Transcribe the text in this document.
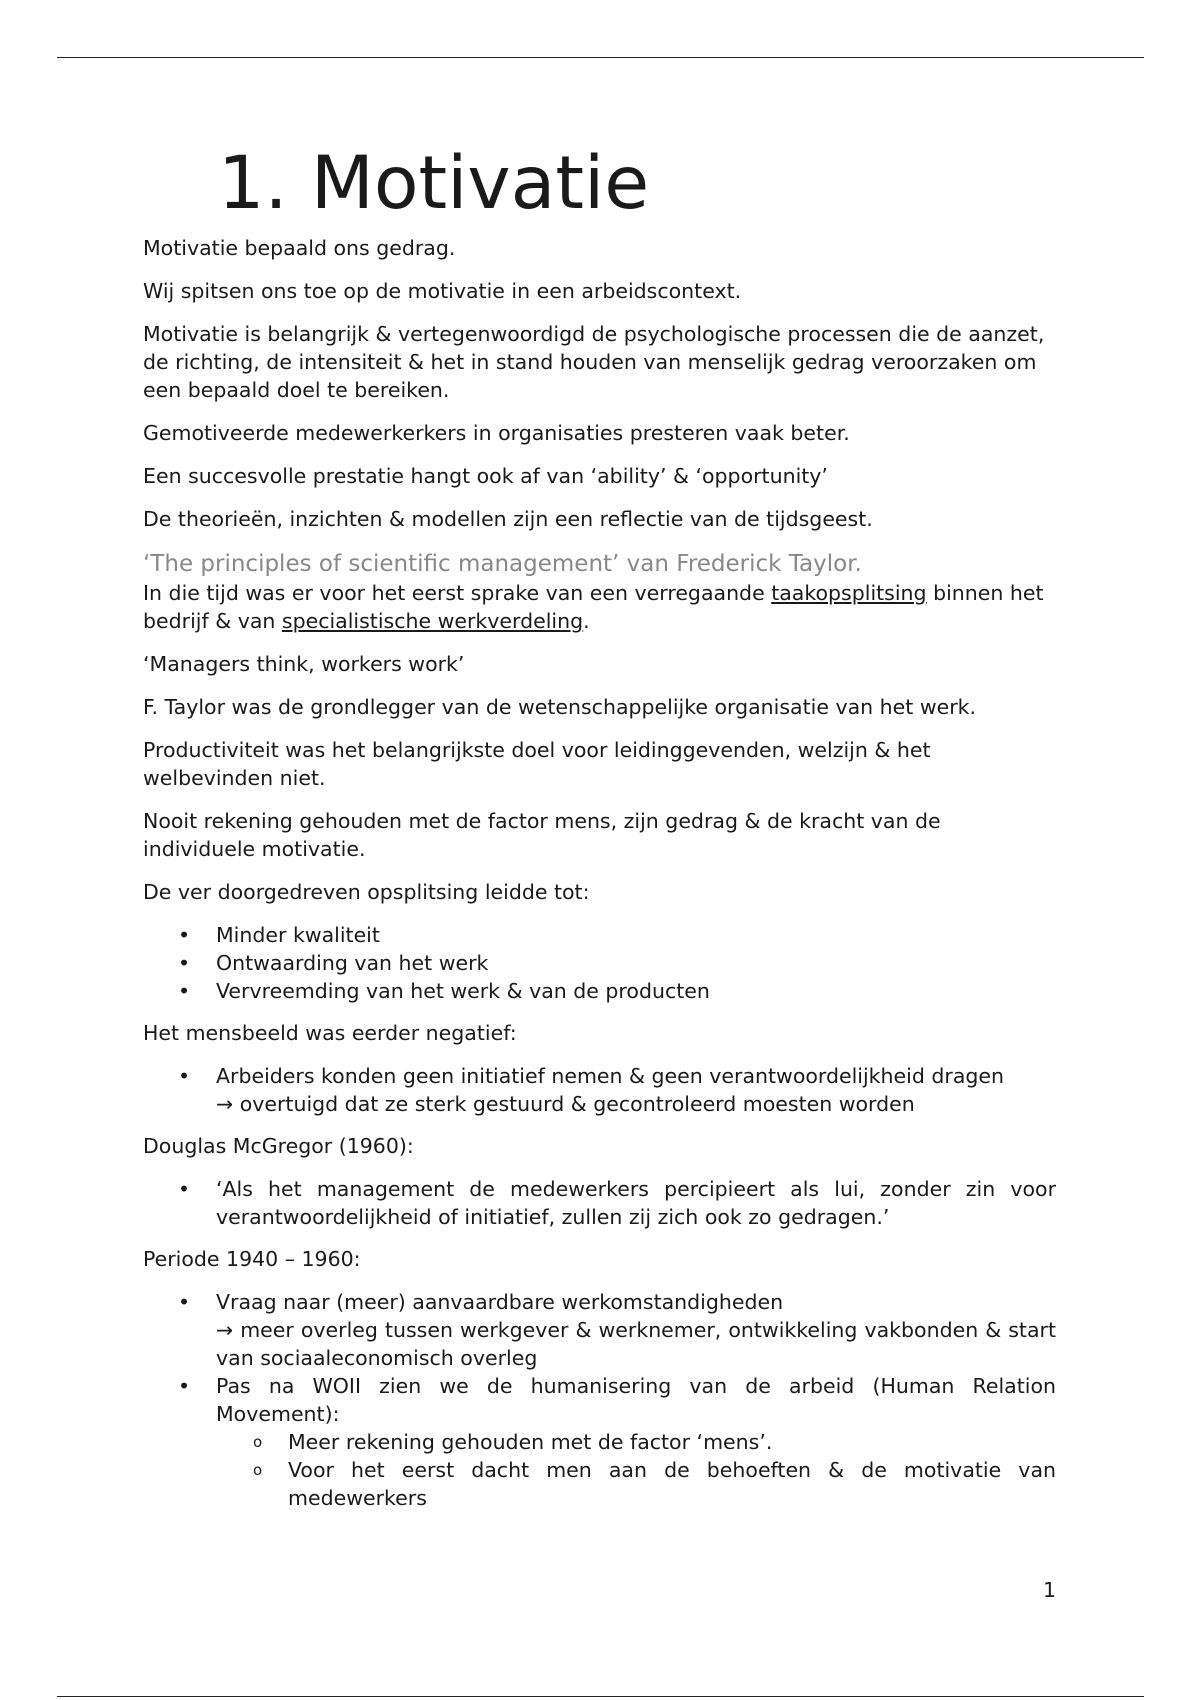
1. Motivatie

Motivatie bepaald ons gedrag.

Wij spitsen ons toe op de motivatie in een arbeidscontext.

Motivatie is belangrijk & vertegenwoordigd de psychologische processen die de aanzet, de richting, de intensiteit & het in stand houden van menselijk gedrag veroorzaken om een bepaald doel te bereiken.

Gemotiveerde medewerkerkers in organisaties presteren vaak beter.

Een succesvolle prestatie hangt ook af van ‘ability’ & ‘opportunity’

De theorieën, inzichten & modellen zijn een reflectie van de tijdsgeest.

‘The principles of scientific management’ van Frederick Taylor.

In die tijd was er voor het eerst sprake van een verregaande taakopsplitsing binnen het bedrijf & van specialistische werkverdeling.

‘Managers think, workers work’

F. Taylor was de grondlegger van de wetenschappelijke organisatie van het werk.

Productiviteit was het belangrijkste doel voor leidinggevenden, welzijn & het welbevinden niet.

Nooit rekening gehouden met de factor mens, zijn gedrag & de kracht van de individuele motivatie.

De ver doorgedreven opsplitsing leidde tot:

• Minder kwaliteit
• Ontwaarding van het werk
• Vervreemding van het werk & van de producten

Het mensbeeld was eerder negatief:

• Arbeiders konden geen initiatief nemen & geen verantwoordelijkheid dragen
→ overtuigd dat ze sterk gestuurd & gecontroleerd moesten worden

Douglas McGregor (1960):

• ‘Als het management de medewerkers percipieert als lui, zonder zin voor verantwoordelijkheid of initiatief, zullen zij zich ook zo gedragen.’

Periode 1940 – 1960:

• Vraag naar (meer) aanvaardbare werkomstandigheden
→ meer overleg tussen werkgever & werknemer, ontwikkeling vakbonden & start van sociaaleconomisch overleg
• Pas na WOII zien we de humanisering van de arbeid (Human Relation Movement):
o Meer rekening gehouden met de factor ‘mens’.
o Voor het eerst dacht men aan de behoeften & de motivatie van medewerkers
1
